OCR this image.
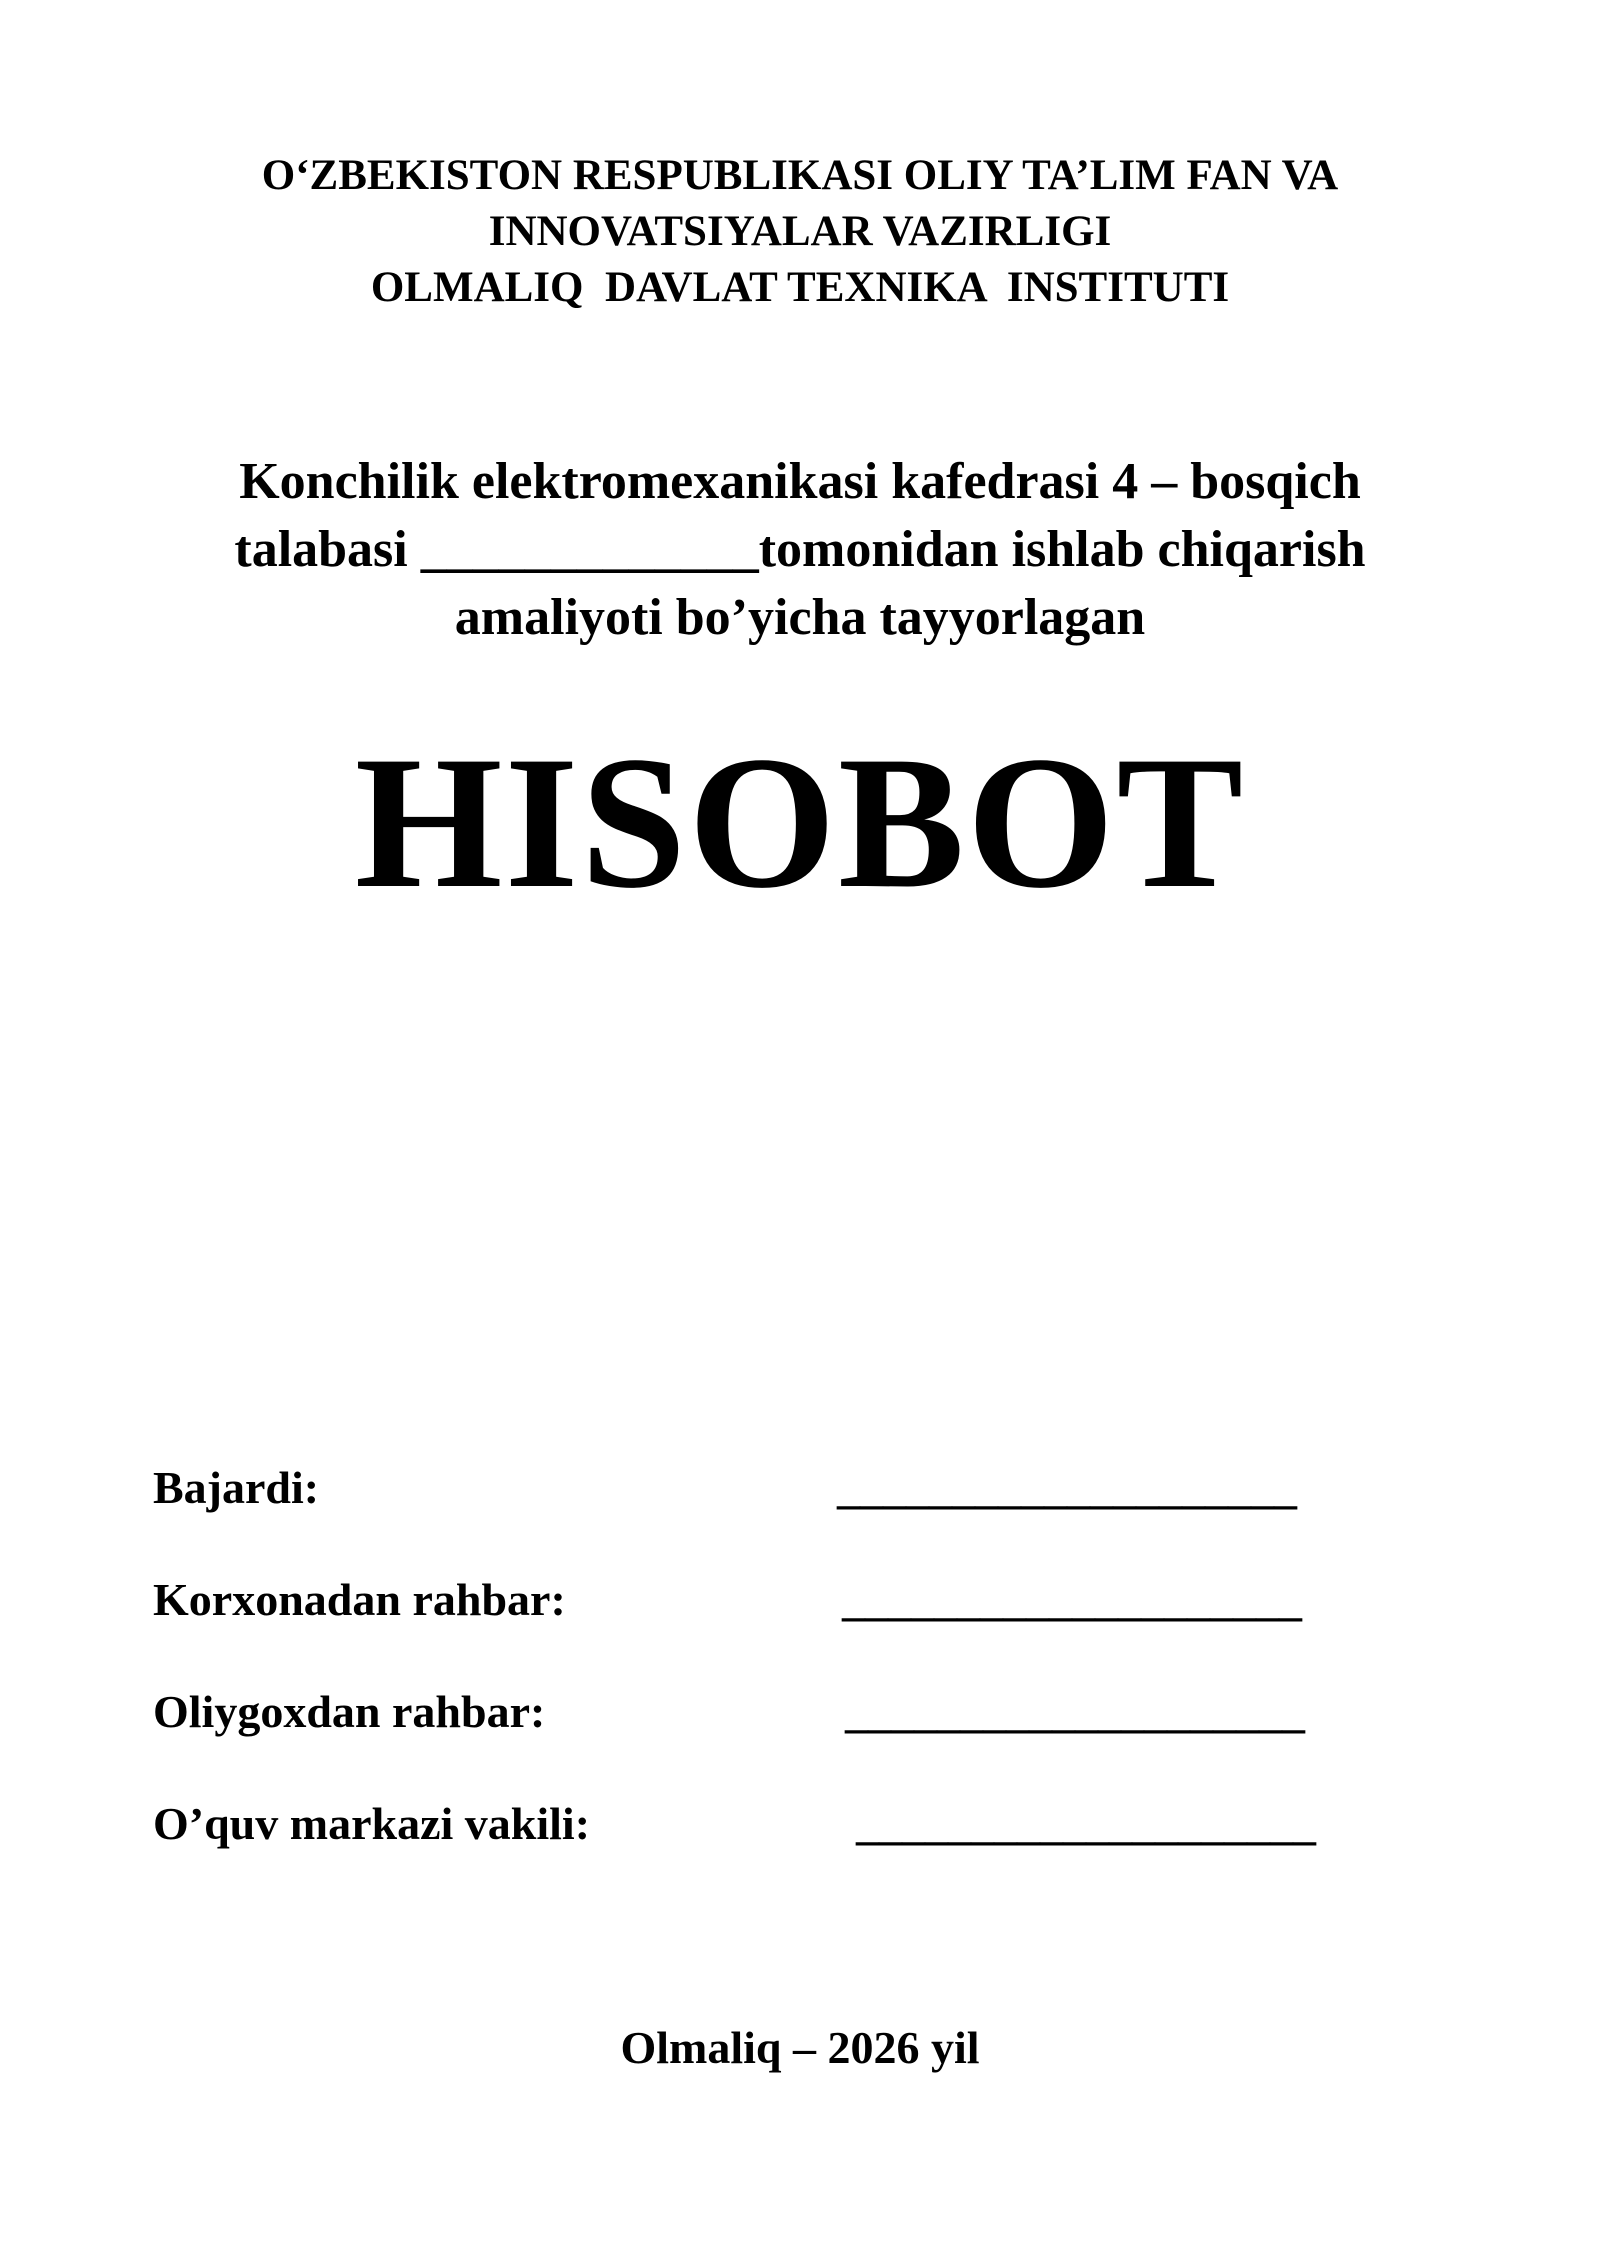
O‘ZBEKISTON RESPUBLIKASI OLIY TA’LIM FAN VA
INNOVATSIYALAR VAZIRLIGI
OLMALIQ  DAVLAT TEXNIKA  INSTITUTI
Konchilik elektromexanikasi kafedrasi 4 – bosqich
talabasi _____________tomonidan ishlab chiqarish
amaliyoti bo’yicha tayyorlagan
HISOBOT
Bajardi:	____________________
Korxonadan rahbar:	____________________
Oliygoxdan rahbar:	____________________
O’quv markazi vakili:	____________________
Olmaliq – 2026 yil
